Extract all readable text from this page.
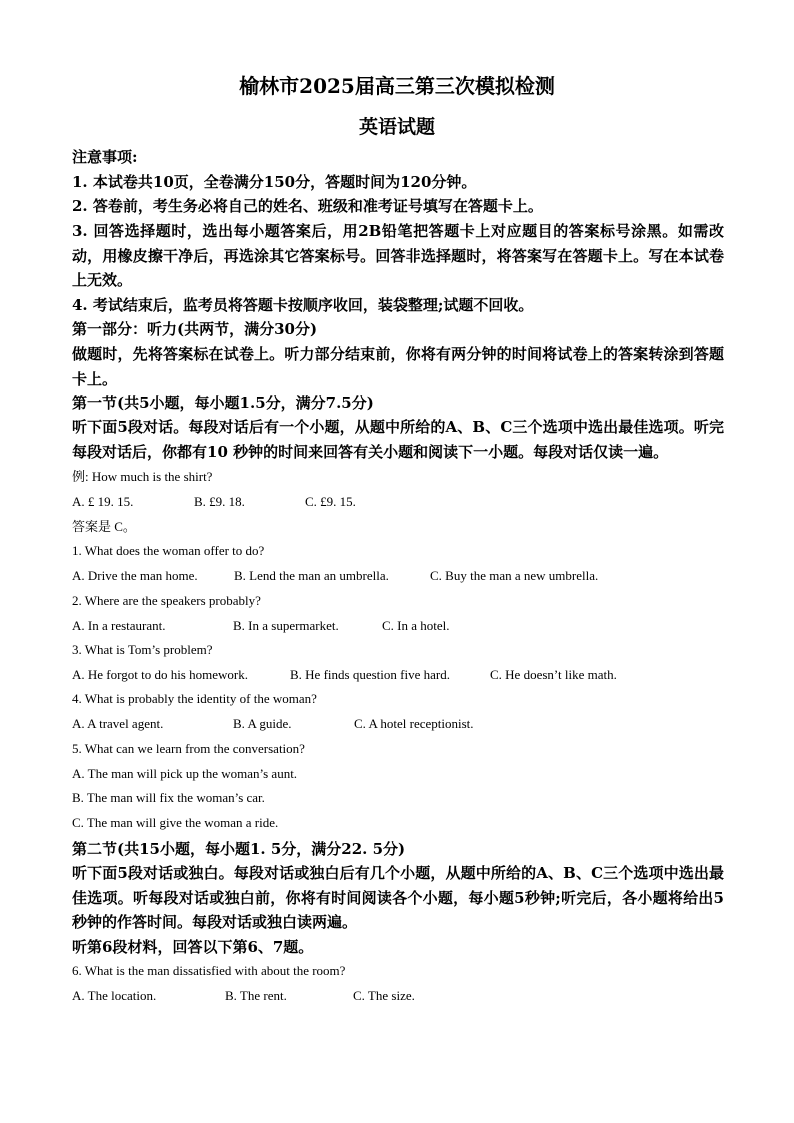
榆林市2025届高三第三次模拟检测
英语试题
注意事项:
1. 本试卷共10页，全卷满分150分，答题时间为120分钟。
2. 答卷前，考生务必将自己的姓名、班级和准考证号填写在答题卡上。
3. 回答选择题时，选出每小题答案后，用2B铅笔把答题卡上对应题目的答案标号涂黑。如需改动，用橡皮擦干净后，再选涂其它答案标号。回答非选择题时，将答案写在答题卡上。写在本试卷上无效。
4. 考试结束后，监考员将答题卡按顺序收回，装袋整理;试题不回收。
第一部分：听力(共两节，满分30分)
做题时，先将答案标在试卷上。听力部分结束前，你将有两分钟的时间将试卷上的答案转涂到答题卡上。
第一节(共5小题，每小题1.5分，满分7.5分)
听下面5段对话。每段对话后有一个小题，从题中所给的A、B、C三个选项中选出最佳选项。听完每段对话后，你都有10 秒钟的时间来回答有关小题和阅读下一小题。每段对话仅读一遍。
例: How much is the shirt?
A. £ 19. 15.	B. £9. 18.	C. £9. 15.
答案是 C。
1. What does the woman offer to do?
A. Drive the man home.	B. Lend the man an umbrella.	C. Buy the man a new umbrella.
2. Where are the speakers probably?
A. In a restaurant.	B. In a supermarket.	C. In a hotel.
3. What is Tom’s problem?
A. He forgot to do his homework.	B. He finds question five hard.	C. He doesn’t like math.
4. What is probably the identity of the woman?
A. A travel agent.	B. A guide.	C. A hotel receptionist.
5. What can we learn from the conversation?
A. The man will pick up the woman’s aunt.
B. The man will fix the woman’s car.
C. The man will give the woman a ride.
第二节(共15小题，每小题1. 5分，满分22. 5分)
听下面5段对话或独白。每段对话或独白后有几个小题，从题中所给的A、B、C三个选项中选出最佳选项。听每段对话或独白前，你将有时间阅读各个小题，每小题5秒钟;听完后，各小题将给出5 秒钟的作答时间。每段对话或独白读两遍。
听第6段材料，回答以下第6、7题。
6. What is the man dissatisfied with about the room?
A. The location.	B. The rent.	C. The size.
